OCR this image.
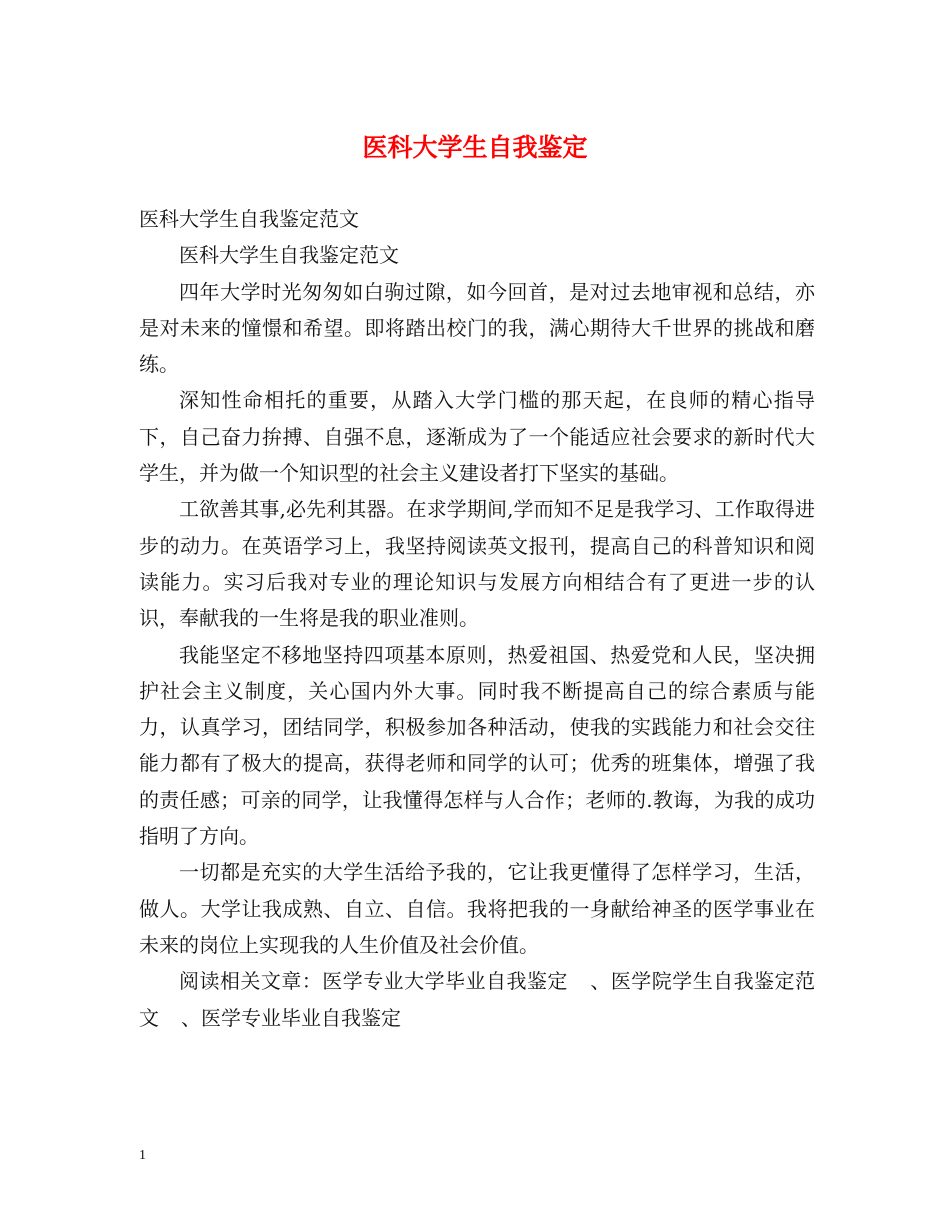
医科大学生自我鉴定

医科大学生自我鉴定范文

医科大学生自我鉴定范文

四年大学时光匆匆如白驹过隙，如今回首，是对过去地审视和总结，亦是对未来的憧憬和希望。即将踏出校门的我，满心期待大千世界的挑战和磨练。

深知性命相托的重要，从踏入大学门槛的那天起，在良师的精心指导下，自己奋力拚搏、自强不息，逐渐成为了一个能适应社会要求的新时代大学生，并为做一个知识型的社会主义建设者打下坚实的基础。

工欲善其事,必先利其器。在求学期间,学而知不足是我学习、工作取得进步的动力。在英语学习上，我坚持阅读英文报刊，提高自己的科普知识和阅读能力。实习后我对专业的理论知识与发展方向相结合有了更进一步的认识，奉献我的一生将是我的职业准则。

我能坚定不移地坚持四项基本原则，热爱祖国、热爱党和人民，坚决拥护社会主义制度，关心国内外大事。同时我不断提高自己的综合素质与能力，认真学习，团结同学，积极参加各种活动，使我的实践能力和社会交往能力都有了极大的提高，获得老师和同学的认可；优秀的班集体，增强了我的责任感；可亲的同学，让我懂得怎样与人合作；老师的.教诲，为我的成功指明了方向。

一切都是充实的大学生活给予我的，它让我更懂得了怎样学习，生活，做人。大学让我成熟、自立、自信。我将把我的一身献给神圣的医学事业在未来的岗位上实现我的人生价值及社会价值。

阅读相关文章：医学专业大学毕业自我鉴定 、医学院学生自我鉴定范文 、医学专业毕业自我鉴定

1
